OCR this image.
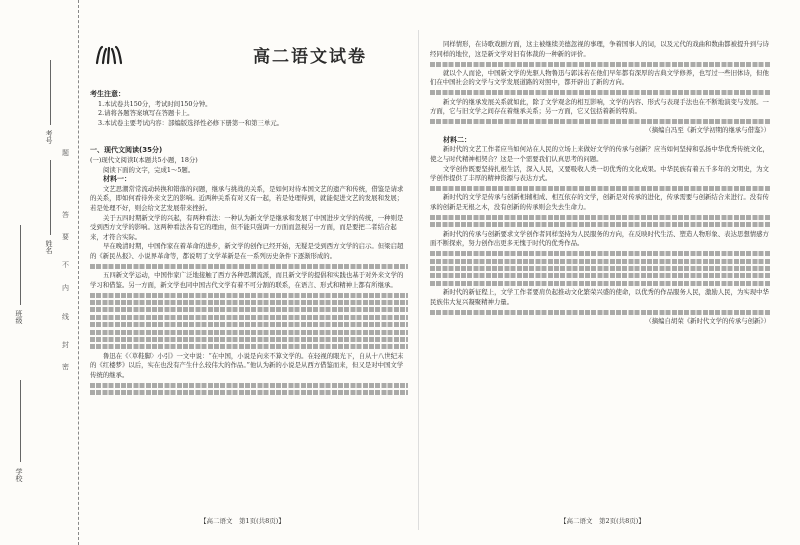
题
答
要
不
内
线
封
密
考号
姓名
班级
学校
高二语文试卷

考生注意：

1.本试卷共150分，考试时间150分钟。

2.请将各题答案填写在答题卡上。

3.本试卷主要考试内容：部编版选择性必修下册第一和第三单元。

一、现代文阅读(35分)

(一)现代文阅读Ⅰ(本题共5小题，18分)

阅读下面的文字，完成1～5题。

材料一：

文艺思潮常常流动转换和错落的问题，继承与挑战的关系，是如何对待本国文艺的遗产和传统，借鉴是请求的关系，即如何看待外来文艺的影响。近两种关系有对又有一起，若是处理得到，就能促进文艺的发展和发展；若是处理不好，则会给文艺发展带来挫折。

关于五四时期新文学的兴起，有两种看法：一种认为新文学是继承和发展了中国进步文学的传统，一种则是受到西方文学的影响。这两种看法各有它的理由，但不能只强调一方面而忽视另一方面，而是要把二者结合起来，才符合实际。

早在晚清时期，中国作家在着革命的进步，新文学的创作已经开始，无疑是受到西方文学的启示。但梁启超的《新民丛报》、小说界革命等，都说明了文学革新是在一系列历史条件下逐渐形成的。

五四新文学运动，中国作家广泛地接触了西方各种思潮流派，而且新文学的提倡和实践也基于对外来文学的学习和借鉴。另一方面，新文学也同中国古代文学有着不可分割的联系，在语言、形式和精神上都有所继承。

鲁迅在《〈草鞋脚〉小引》一文中说：“在中国，小说是向来不算文学的。在轻视的眼光下，自从十八世纪末的《红楼梦》以后，实在也没有产生什么较伟大的作品。”他认为新的小说是从西方借鉴而来，但又是对中国文学传统的继承。

同样情形，在诗歌戏剧方面，这主被继续美德忽视的事理，争着国事人的词，以及元代的戏曲和数曲都被提升到与诗经同样的地位，这是新文学对旧有体裁的一种新的评价。

就以个人而论，中国新文学的先驱人物鲁迅与郭沫若在他们早年都有深厚的古典文学修养，也写过一些旧体诗，但他们在中国社会的文学与文学发展道路的对照中，都开辟出了新的方向。

新文学的继承发展关系就如此，除了文学观念的相互影响，文学的内容、形式与表现手法也在不断地演变与发展。一方面，它与旧文学之间存在着继承关系；另一方面，它又包括着新的特质。

（摘编自冯至《新文学初期的继承与借鉴》）

材料二：

新时代的文艺工作者应当如何站在人民的立场上来做好文学的传承与创新？应当如何坚持和弘扬中华优秀传统文化，使之与时代精神相契合？这是一个需要我们认真思考的问题。

文学创作既要坚持扎根生活，深入人民，又要吸收人类一切优秀的文化成果。中华民族有着五千多年的文明史，为文学创作提供了丰厚的精神资源与表达方式。

新时代的文学是传承与创新相辅相成、相互依存的文学，创新是对传承的进化，传承需要与创新结合来进行。没有传承的创新是无根之木，没有创新的传承则会失去生命力。

新时代的传承与创新要求文学创作者同样坚持为人民服务的方向，在反映时代生活、塑造人物形象、表达思想情感方面不断探索，努力创作出更多无愧于时代的优秀作品。

新时代的新征程上，文学工作者要肩负起推动文化繁荣兴盛的使命，以优秀的作品服务人民，激励人民，为实现中华民族伟大复兴凝聚精神力量。

（摘编自胡荣《新时代文学的传承与创新》）

【高二语文　第1页(共8页)】	【高二语文　第2页(共8页)】
